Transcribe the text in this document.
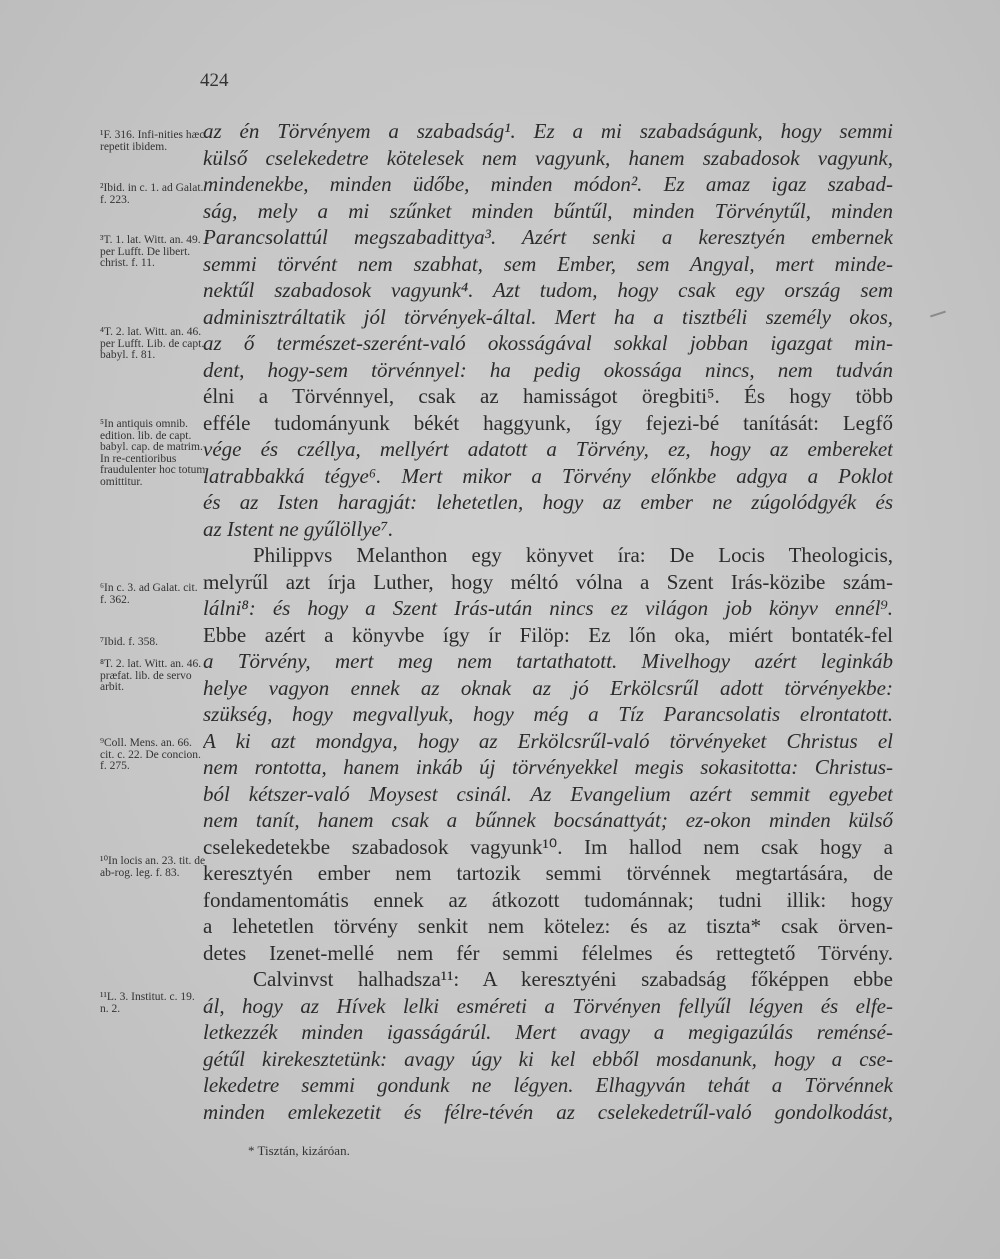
424
¹F. 316. Infi-nities hæc repetit ibidem.
²Ibid. in c. 1. ad Galat. f. 223.
³T. 1. lat. Witt. an. 49. per Lufft. De libert. christ. f. 11.
⁴T. 2. lat. Witt. an. 46. per Lufft. Lib. de capt. babyl. f. 81.
⁵In antiquis omnib. edition. lib. de capt. babyl. cap. de matrim. In re-centioribus fraudulenter hoc totum omittitur.
⁶In c. 3. ad Galat. cit. f. 362.
⁷Ibid. f. 358.
⁸T. 2. lat. Witt. an. 46. præfat. lib. de servo arbit.
⁹Coll. Mens. an. 66. cit. c. 22. De concion. f. 275.
¹⁰In locis an. 23. tit. de ab-rog. leg. f. 83.
¹¹L. 3. Institut. c. 19. n. 2.
az én Törvényem a szabadság¹. Ez a mi szabadságunk, hogy semmi
külső cselekedetre kötelesek nem vagyunk, hanem szabadosok vagyunk,
mindenekbe, minden üdőbe, minden módon². Ez amaz igaz szabad-
ság, mely a mi szűnket minden bűntűl, minden Törvénytűl, minden
Parancsolattúl megszabadittya³. Azért senki a keresztyén embernek
semmi törvént nem szabhat, sem Ember, sem Angyal, mert minde-
nektűl szabadosok vagyunk⁴. Azt tudom, hogy csak egy ország sem
adminisztráltatik jól törvények-által. Mert ha a tisztbéli személy okos,
az ő természet-szerént-való okosságával sokkal jobban igazgat min-
dent, hogy-sem törvénnyel: ha pedig okossága nincs, nem tudván
élni a Törvénnyel, csak az hamisságot öregbiti⁵. És hogy több
efféle tudományunk békét haggyunk, így fejezi-bé tanítását: Legfő
vége és czéllya, mellyért adatott a Törvény, ez, hogy az embereket
latrabbakká tégye⁶. Mert mikor a Törvény előnkbe adgya a Poklot
és az Isten haragját: lehetetlen, hogy az ember ne zúgolódgyék és
az Istent ne gyűlöllye⁷.
Philippvs Melanthon egy könyvet íra: De Locis Theologicis,
melyrűl azt írja Luther, hogy méltó vólna a Szent Irás-közibe szám-
lálni⁸: és hogy a Szent Irás-után nincs ez világon job könyv ennél⁹.
Ebbe azért a könyvbe így ír Filöp: Ez lőn oka, miért bontaték-fel
a Törvény, mert meg nem tartathatott. Mivelhogy azért leginkáb
helye vagyon ennek az oknak az jó Erkölcsrűl adott törvényekbe:
szükség, hogy megvallyuk, hogy még a Tíz Parancsolatis elrontatott.
A ki azt mondgya, hogy az Erkölcsrűl-való törvényeket Christus el
nem rontotta, hanem inkáb új törvényekkel megis sokasitotta: Christus-
ból kétszer-való Moysest csinál. Az Evangelium azért semmit egyebet
nem tanít, hanem csak a bűnnek bocsánattyát; ez-okon minden külső
cselekedetekbe szabadosok vagyunk¹⁰. Im hallod nem csak hogy a
keresztyén ember nem tartozik semmi törvénnek megtartására, de
fondamentomátis ennek az átkozott tudománnak; tudni illik: hogy
a lehetetlen törvény senkit nem kötelez: és az tiszta* csak örven-
detes Izenet-mellé nem fér semmi félelmes és rettegtető Törvény.
Calvinvst halhadsza¹¹: A keresztyéni szabadság főképpen ebbe
ál, hogy az Hívek lelki esméreti a Törvényen fellyűl légyen és elfe-
letkezzék minden igasságárúl. Mert avagy a megigazúlás reménsé-
gétűl kirekesztetünk: avagy úgy ki kel ebből mosdanunk, hogy a cse-
lekedetre semmi gondunk ne légyen. Elhagyván tehát a Törvénnek
minden emlekezetit és félre-tévén az cselekedetrűl-való gondolkodást,
* Tisztán, kizáróan.
